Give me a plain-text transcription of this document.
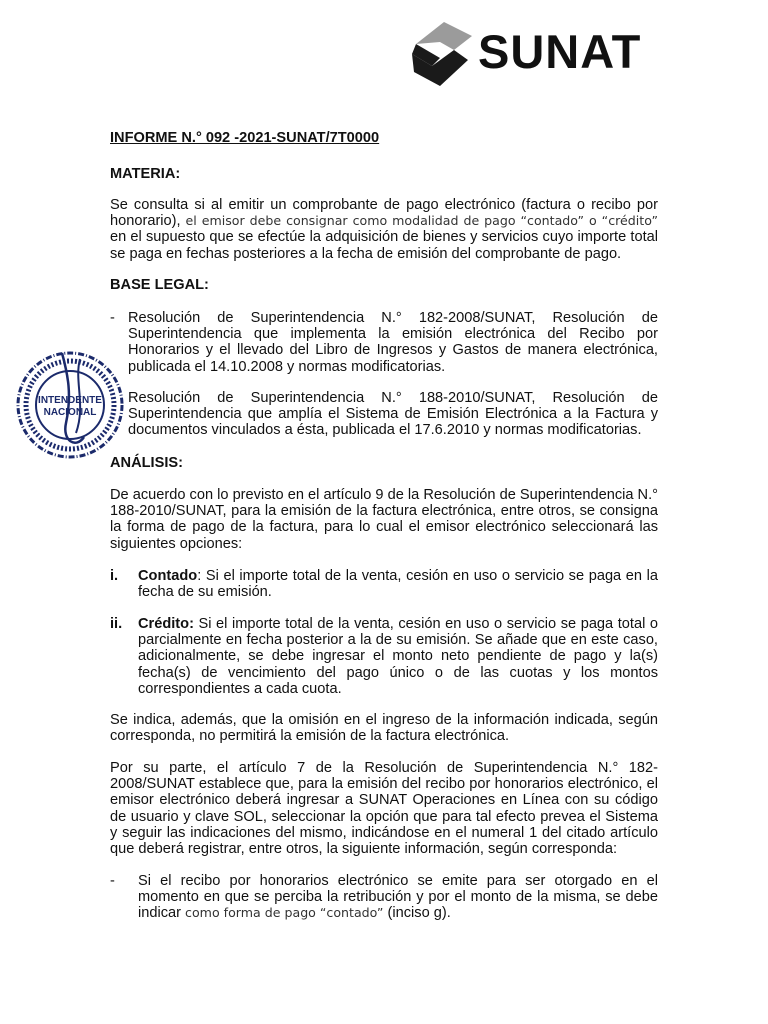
SUNAT
INTENDENTE
NACIONAL
INFORME N.° 092 -2021-SUNAT/7T0000
MATERIA:
Se consulta si al emitir un comprobante de pago electrónico (factura o recibo por honorario), el emisor debe consignar como modalidad de pago “contado” o “crédito” en el supuesto que se efectúe la adquisición de bienes y servicios cuyo importe total se paga en fechas posteriores a la fecha de emisión del comprobante de pago.
BASE LEGAL:
- Resolución de Superintendencia N.° 182-2008/SUNAT, Resolución de Superintendencia que implementa la emisión electrónica del Recibo por Honorarios y el llevado del Libro de Ingresos y Gastos de manera electrónica, publicada el 14.10.2008 y normas modificatorias.
Resolución de Superintendencia N.° 188-2010/SUNAT, Resolución de Superintendencia que amplía el Sistema de Emisión Electrónica a la Factura y documentos vinculados a ésta, publicada el 17.6.2010 y normas modificatorias.
ANÁLISIS:
De acuerdo con lo previsto en el artículo 9 de la Resolución de Superintendencia N.° 188-2010/SUNAT, para la emisión de la factura electrónica, entre otros, se consigna la forma de pago de la factura, para lo cual el emisor electrónico seleccionará las siguientes opciones:
i. Contado: Si el importe total de la venta, cesión en uso o servicio se paga en la fecha de su emisión.
ii. Crédito: Si el importe total de la venta, cesión en uso o servicio se paga total o parcialmente en fecha posterior a la de su emisión. Se añade que en este caso, adicionalmente, se debe ingresar el monto neto pendiente de pago y la(s) fecha(s) de vencimiento del pago único o de las cuotas y los montos correspondientes a cada cuota.
Se indica, además, que la omisión en el ingreso de la información indicada, según corresponda, no permitirá la emisión de la factura electrónica.
Por su parte, el artículo 7 de la Resolución de Superintendencia N.° 182-2008/SUNAT establece que, para la emisión del recibo por honorarios electrónico, el emisor electrónico deberá ingresar a SUNAT Operaciones en Línea con su código de usuario y clave SOL, seleccionar la opción que para tal efecto prevea el Sistema y seguir las indicaciones del mismo, indicándose en el numeral 1 del citado artículo que deberá registrar, entre otros, la siguiente información, según corresponda:
- Si el recibo por honorarios electrónico se emite para ser otorgado en el momento en que se perciba la retribución y por el monto de la misma, se debe indicar como forma de pago “contado” (inciso g).
